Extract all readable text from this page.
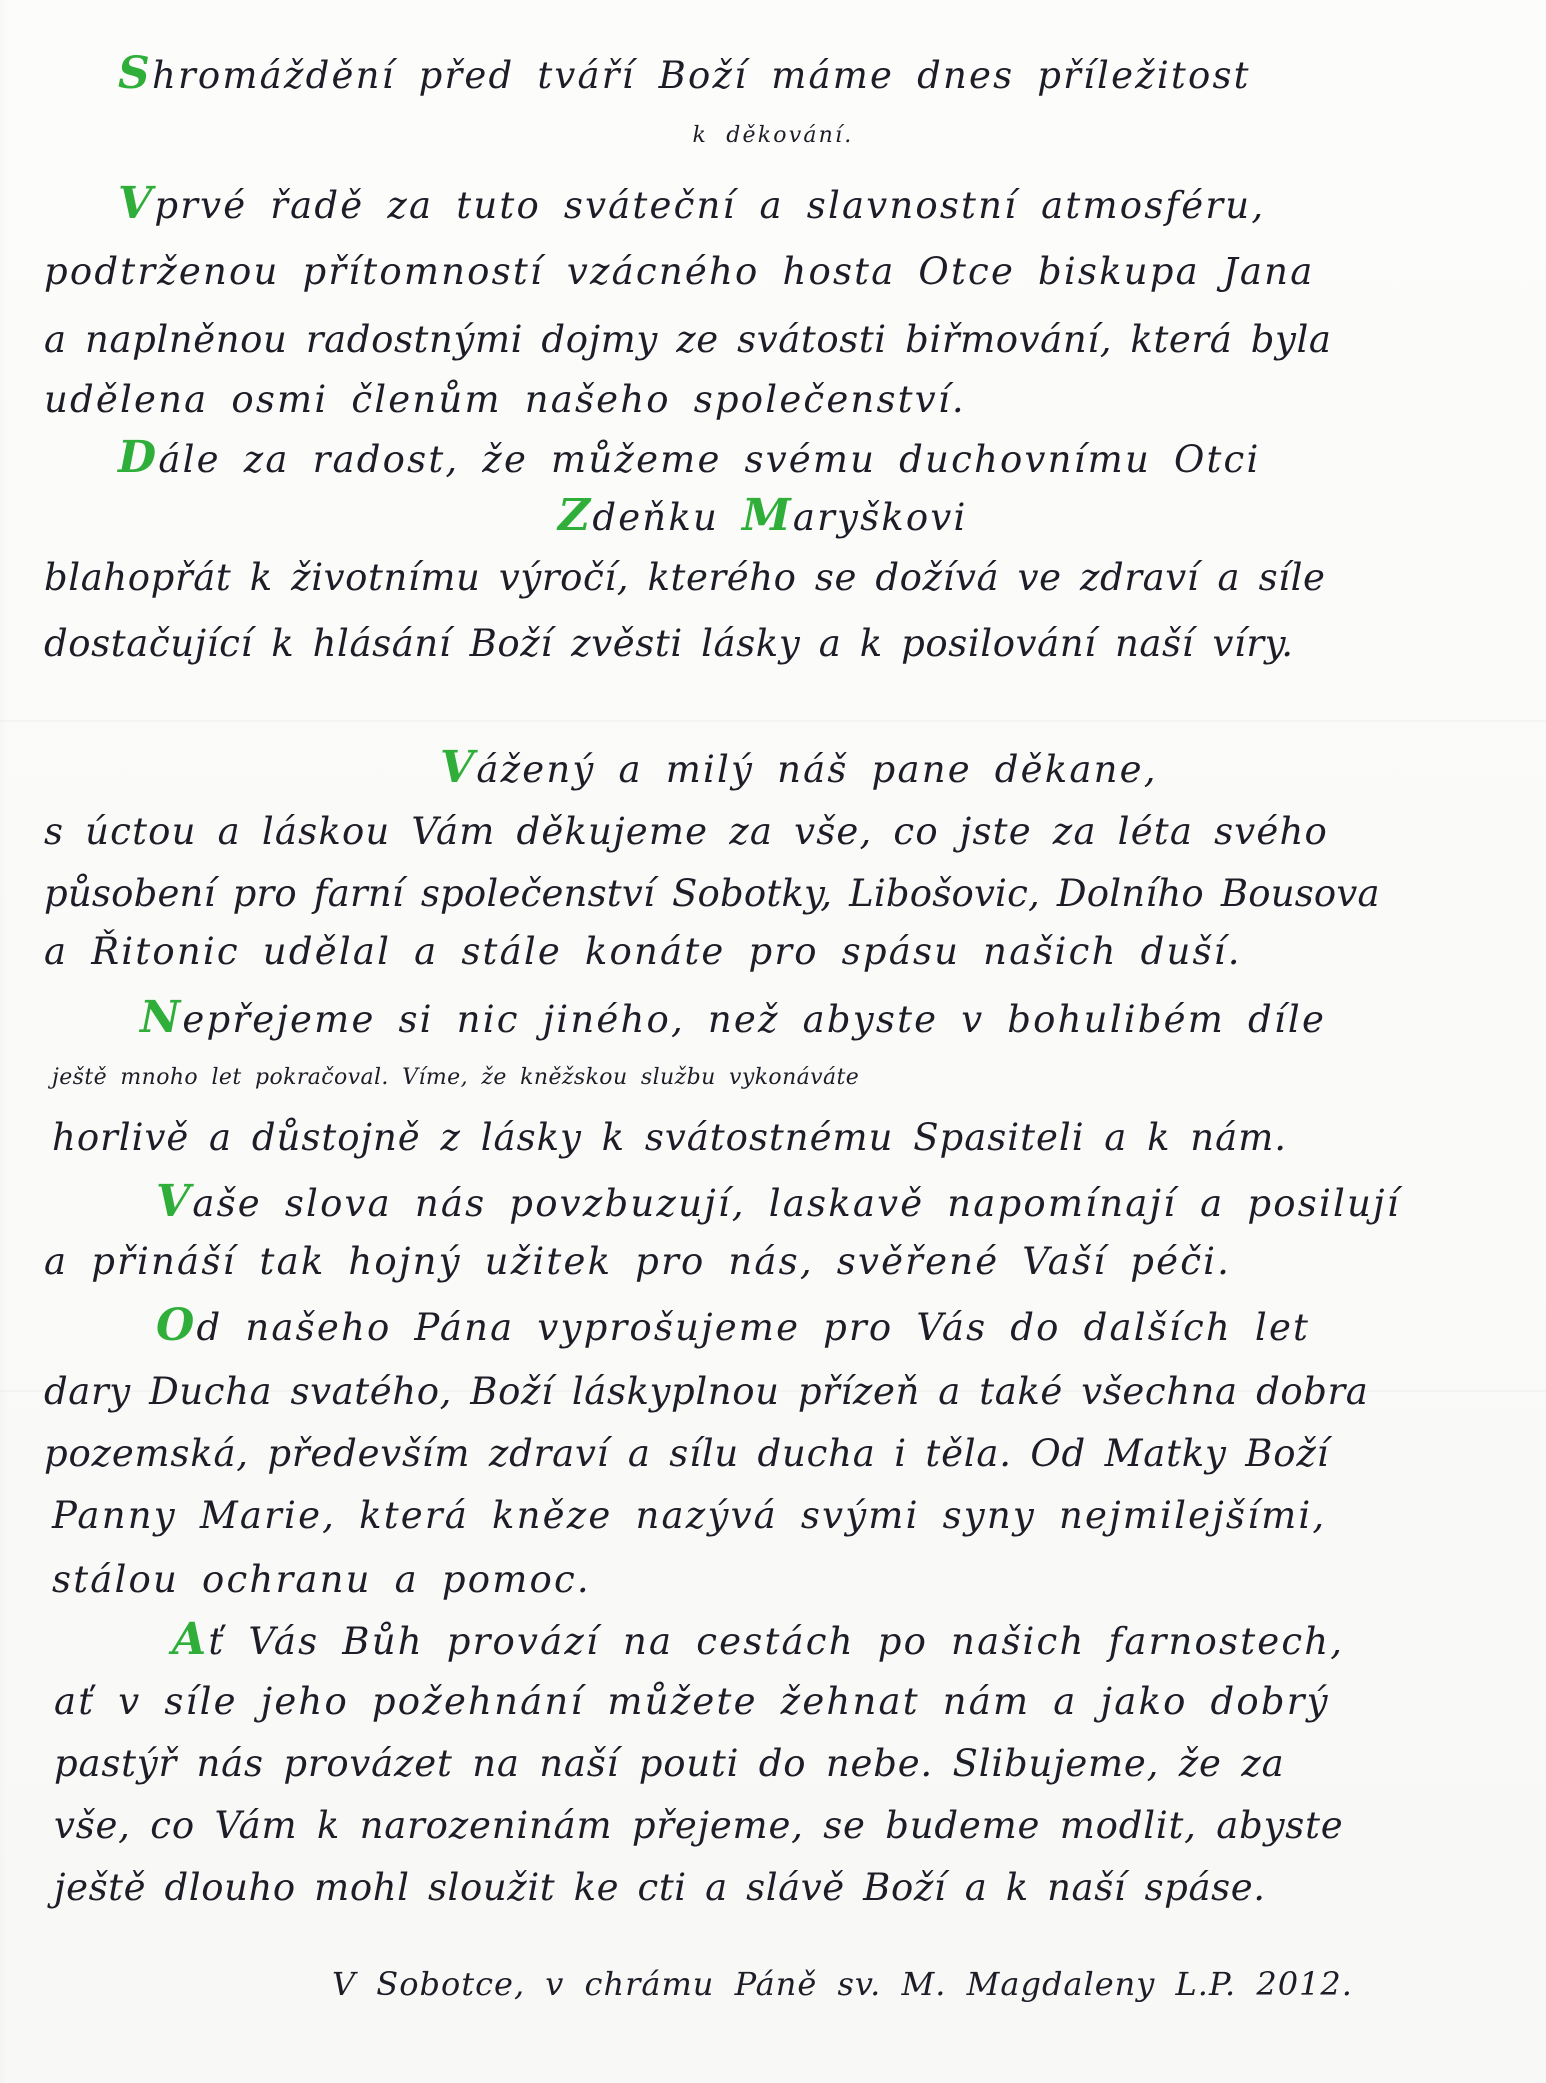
Shromáždění před tváří Boží máme dnes příležitost
k děkování.
Vprvé řadě za tuto sváteční a slavnostní atmosféru,
podtrženou přítomností vzácného hosta Otce biskupa Jana
a naplněnou radostnými dojmy ze svátosti biřmování, která byla
udělena osmi členům našeho společenství.
Dále za radost, že můžeme svému duchovnímu Otci
Zdeňku Maryškovi
blahopřát k životnímu výročí, kterého se dožívá ve zdraví a síle
dostačující k hlásání Boží zvěsti lásky a k posilování naší víry.
Vážený a milý náš pane děkane,
s úctou a láskou Vám děkujeme za vše, co jste za léta svého
působení pro farní společenství Sobotky, Libošovic, Dolního Bousova
a Řitonic udělal a stále konáte pro spásu našich duší.
Nepřejeme si nic jiného, než abyste v bohulibém díle
ještě mnoho let pokračoval. Víme, že kněžskou službu vykonáváte
horlivě a důstojně z lásky k svátostnému Spasiteli a k nám.
Vaše slova nás povzbuzují, laskavě napomínají a posilují
a přináší tak hojný užitek pro nás, svěřené Vaší péči.
Od našeho Pána vyprošujeme pro Vás do dalších let
dary Ducha svatého, Boží láskyplnou přízeň a také všechna dobra
pozemská, především zdraví a sílu ducha i těla. Od Matky Boží
Panny Marie, která kněze nazývá svými syny nejmilejšími,
stálou ochranu a pomoc.
Ať Vás Bůh provází na cestách po našich farnostech,
ať v síle jeho požehnání můžete žehnat nám a jako dobrý
pastýř nás provázet na naší pouti do nebe. Slibujeme, že za
vše, co Vám k narozeninám přejeme, se budeme modlit, abyste
ještě dlouho mohl sloužit ke cti a slávě Boží a k naší spáse.
V Sobotce, v chrámu Páně sv. M. Magdaleny L.P. 2012.
